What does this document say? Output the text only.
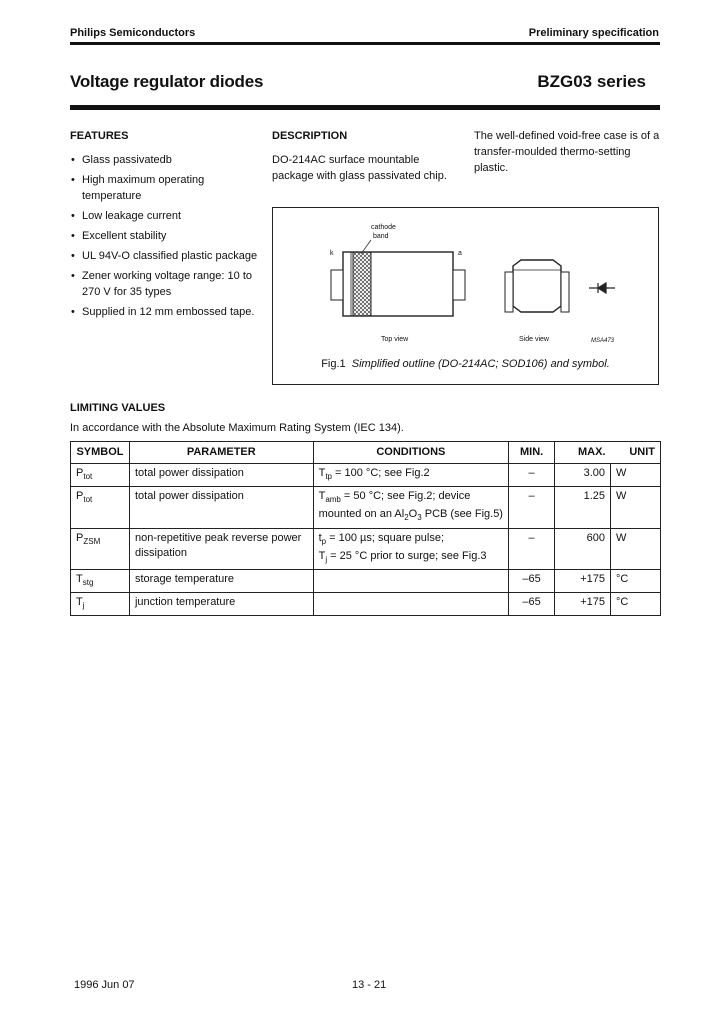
Philips Semiconductors	Preliminary specification
Voltage regulator diodes	BZG03 series
FEATURES
• Glass passivatedb
• High maximum operating temperature
• Low leakage current
• Excellent stability
• UL 94V-O classified plastic package
• Zener working voltage range: 10 to 270 V for 35 types
• Supplied in 12 mm embossed tape.
DESCRIPTION
DO-214AC surface mountable package with glass passivated chip.
The well-defined void-free case is of a transfer-moulded thermo-setting plastic.
cathode
band
k	a
Top view	Side view	MSA473
Fig.1 Simplified outline (DO-214AC; SOD106) and symbol.
LIMITING VALUES
In accordance with the Absolute Maximum Rating System (IEC 134).
SYMBOL	PARAMETER	CONDITIONS	MIN.	MAX.	UNIT
$P_{tot}$	total power dissipation	$T_{tp} = 100$ °C; see Fig.2	–	3.00	W
$P_{tot}$	total power dissipation	$T_{amb} = 50$ °C; see Fig.2; device
mounted on an $Al_2O_3$ PCB (see Fig.5)	–	1.25	W
$P_{ZSM}$	non-repetitive peak reverse power dissipation	$t_p = 100$ µs; square pulse;
$T_j = 25$ °C prior to surge; see Fig.3	–	600	W
$T_{stg}$	storage temperature		–65	+175	°C
$T_j$	junction temperature		–65	+175	°C
1996 Jun 07	13 - 21
